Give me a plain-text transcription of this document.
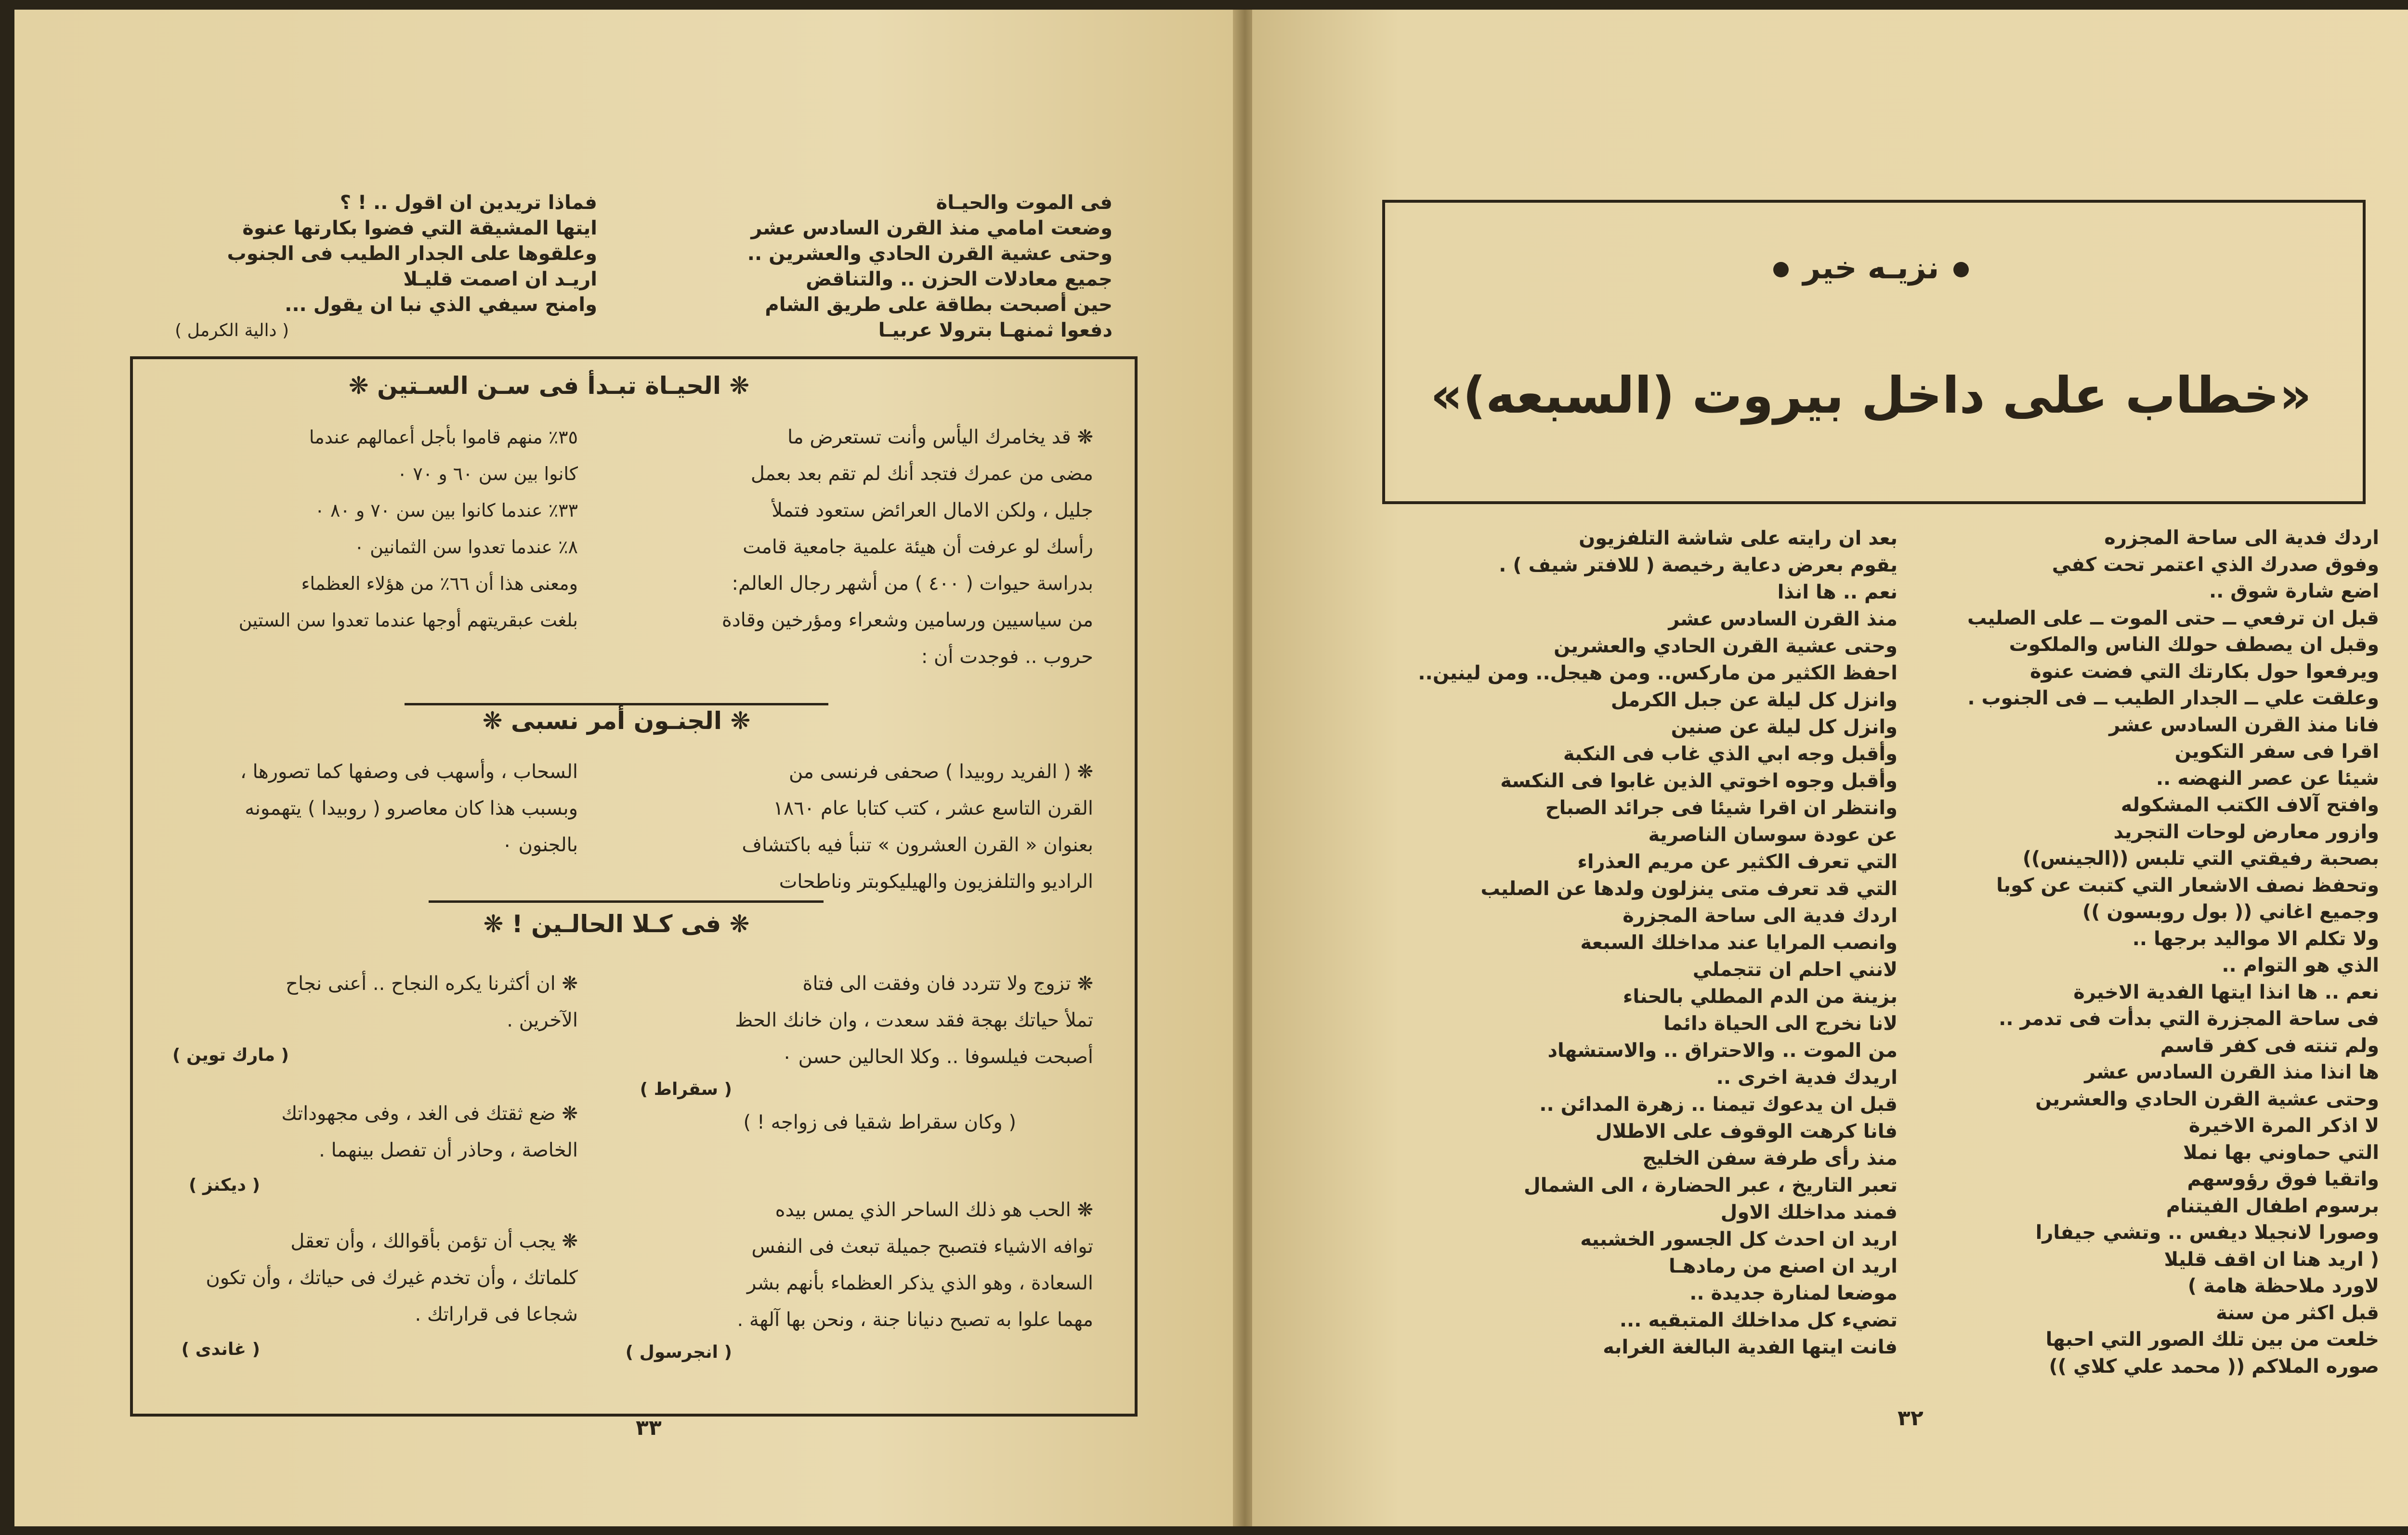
فى الموت والحيـاة
وضعت امامي منذ القرن السادس عشر
وحتى عشية القرن الحادي والعشرين ..
جميع معادلات الحزن .. والتناقض
حين أصبحت بطاقة على طريق الشام
دفعوا ثمنهـا بترولا عربيـا
فماذا تريدين ان اقول .. ! ؟
ايتها المشيقة التي فضوا بكارتها عنوة
وعلقوها على الجدار الطيب فى الجنوب
اريـد ان اصمت قليـلا
وامنح سيفي الذي نبا ان يقول ...
( دالية الكرمل )
❋ الحيـاة تبـدأ فى سـن السـتين ❋
❋ قد يخامرك اليأس وأنت تستعرض ما
مضى من عمرك فتجد أنك لم تقم بعد بعمل
جليل ، ولكن الامال العرائض ستعود فتملأ
رأسك لو عرفت أن هيئة علمية جامعية قامت
بدراسة حيوات ( ٤٠٠ ) من أشهر رجال العالم:
من سياسيين ورسامين وشعراء ومؤرخين وقادة
حروب .. فوجدت أن :
٣٥٪ منهم قاموا بأجل أعمالهم عندما
كانوا بين سن ٦٠ و ٧٠ ٠
٣٣٪ عندما كانوا بين سن ٧٠ و ٨٠ ٠
٨٪ عندما تعدوا سن الثمانين ٠
ومعنى هذا أن ٦٦٪ من هؤلاء العظماء
بلغت عبقريتهم أوجها عندما تعدوا سن الستين
❋ الجنـون أمر نسبى ❋
❋ ( الفريد روبيدا ) صحفى فرنسى من
القرن التاسع عشر ، كتب كتابا عام ١٨٦٠
بعنوان « القرن العشرون » تنبأ فيه باكتشاف
الراديو والتلفزيون والهيليكوبتر وناطحات
السحاب ، وأسهب فى وصفها كما تصورها ،
وبسبب هذا كان معاصرو ( روبيدا ) يتهمونه
بالجنون ٠
❋ فى كـلا الحالـين ! ❋
❋ تزوج ولا تتردد فان وفقت الى فتاة
تملأ حياتك بهجة فقد سعدت ، وان خانك الحظ
أصبحت فيلسوفا .. وكلا الحالين حسن ٠
( سقراط )
( وكان سقراط شقيا فى زواجه ! )
❋ الحب هو ذلك الساحر الذي يمس بيده
توافه الاشياء فتصبح جميلة تبعث فى النفس
السعادة ، وهو الذي يذكر العظماء بأنهم بشر
مهما علوا به تصبح دنيانا جنة ، ونحن بها آلهة .
( انجرسول )
❋ ان أكثرنا يكره النجاح .. أعنى نجاح
الآخرين .
( مارك توين )
❋ ضع ثقتك فى الغد ، وفى مجهوداتك
الخاصة ، وحاذر أن تفصل بينهما .
( ديكنز )
❋ يجب أن تؤمن بأقوالك ، وأن تعقل
كلماتك ، وأن تخدم غيرك فى حياتك ، وأن تكون
شجاعا فى قراراتك .
( غاندى )
٣٣
نزيـه خير
«خطاب على داخل بيروت (السبعه)»
اردك فدية الى ساحة المجزره
وفوق صدرك الذي اعتمر تحت كفي
اضع شارة شوق ..
قبل ان ترفعي ــ حتى الموت ــ على الصليب
وقبل ان يصطف حولك الناس والملكوت
ويرفعوا حول بكارتك التي فضت عنوة
وعلقت علي ــ الجدار الطيب ــ فى الجنوب .
فانا منذ القرن السادس عشر
اقرا فى سفر التكوين
شيئا عن عصر النهضه ..
وافتح آلاف الكتب المشكوله
وازور معارض لوحات التجريد
بصحبة رفيقتي التي تلبس ((الجينس))
وتحفظ نصف الاشعار التي كتبت عن كوبا
وجميع اغاني (( بول روبسون ))
ولا تكلم الا مواليد برجها ..
الذي هو التوام ..
نعم .. ها انذا ايتها الفدية الاخيرة
فى ساحة المجزرة التي بدأت فى تدمر ..
ولم تنته فى كفر قاسم
ها انذا منذ القرن السادس عشر
وحتى عشية القرن الحادي والعشرين
لا اذكر المرة الاخيرة
التي حماوني بها نملا
واتقيا فوق رؤوسهم
برسوم اطفال الفيتنام
وصورا لانجيلا ديفس .. وتشي جيفارا
( اريد هنا ان اقف قليلا
لاورد ملاحظة هامة )
قبل اكثر من سنة
خلعت من بين تلك الصور التي احبها
صوره الملاكم (( محمد علي كلاي ))
بعد ان رايته على شاشة التلفزيون
يقوم بعرض دعاية رخيصة ( للافتر شيف ) .
نعم .. ها انذا
منذ القرن السادس عشر
وحتى عشية القرن الحادي والعشرين
احفظ الكثير من ماركس.. ومن هيجل.. ومن لينين..
وانزل كل ليلة عن جبل الكرمل
وانزل كل ليلة عن صنين
وأقبل وجه ابي الذي غاب فى النكبة
وأقبل وجوه اخوتي الذين غابوا فى النكسة
وانتظر ان اقرا شيئا فى جرائد الصباح
عن عودة سوسان الناصرية
التي تعرف الكثير عن مريم العذراء
التي قد تعرف متى ينزلون ولدها عن الصليب
اردك فدية الى ساحة المجزرة
وانصب المرايا عند مداخلك السبعة
لانني احلم ان تتجملي
بزينة من الدم المطلي بالحناء
لانا نخرج الى الحياة دائما
من الموت .. والاحتراق .. والاستشهاد
اريدك فدية اخرى ..
قبل ان يدعوك تيمنا .. زهرة المدائن ..
فانا كرهت الوقوف على الاطلال
منذ رأى طرفة سفن الخليج
تعبر التاريخ ، عبر الحضارة ، الى الشمال
فمند مداخلك الاول
اريد ان احدث كل الجسور الخشبيه
اريد ان اصنع من رمادهـا
موضعا لمنارة جديدة ..
تضيء كل مداخلك المتبقيه ...
فانت ايتها الفدية البالغة الغرابه
٣٢
